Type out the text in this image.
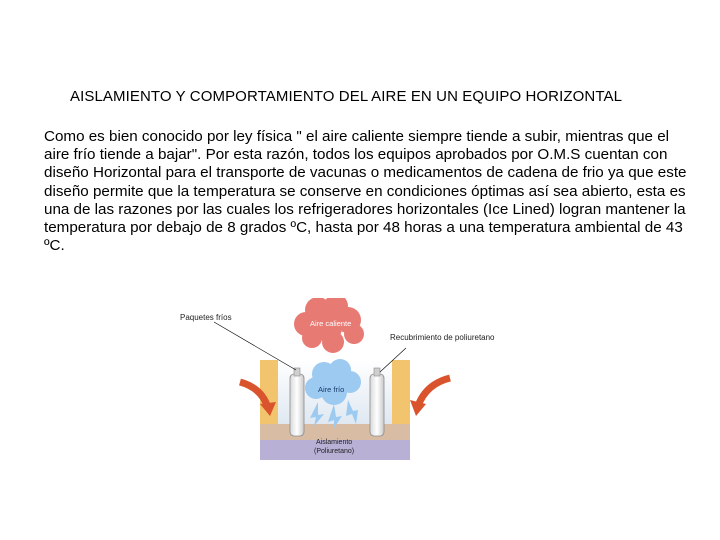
AISLAMIENTO Y COMPORTAMIENTO DEL AIRE EN UN EQUIPO HORIZONTAL

Como es bien conocido por ley física " el aire caliente siempre tiende a subir, mientras que el aire frío tiende a bajar". Por esta razón, todos los equipos aprobados por O.M.S cuentan con diseño Horizontal para el transporte de vacunas o medicamentos de cadena de frio ya que este diseño permite que la temperatura se conserve en condiciones óptimas así sea abierto, esta es una de las razones por las cuales los refrigeradores horizontales (Ice Lined) logran mantener la temperatura por debajo de 8 grados ºC, hasta por 48 horas a una temperatura ambiental de 43 ºC.

Aire caliente
Aire frío
Paquetes fríos
Recubrimiento de poliuretano
Aislamiento
(Poliuretano)
